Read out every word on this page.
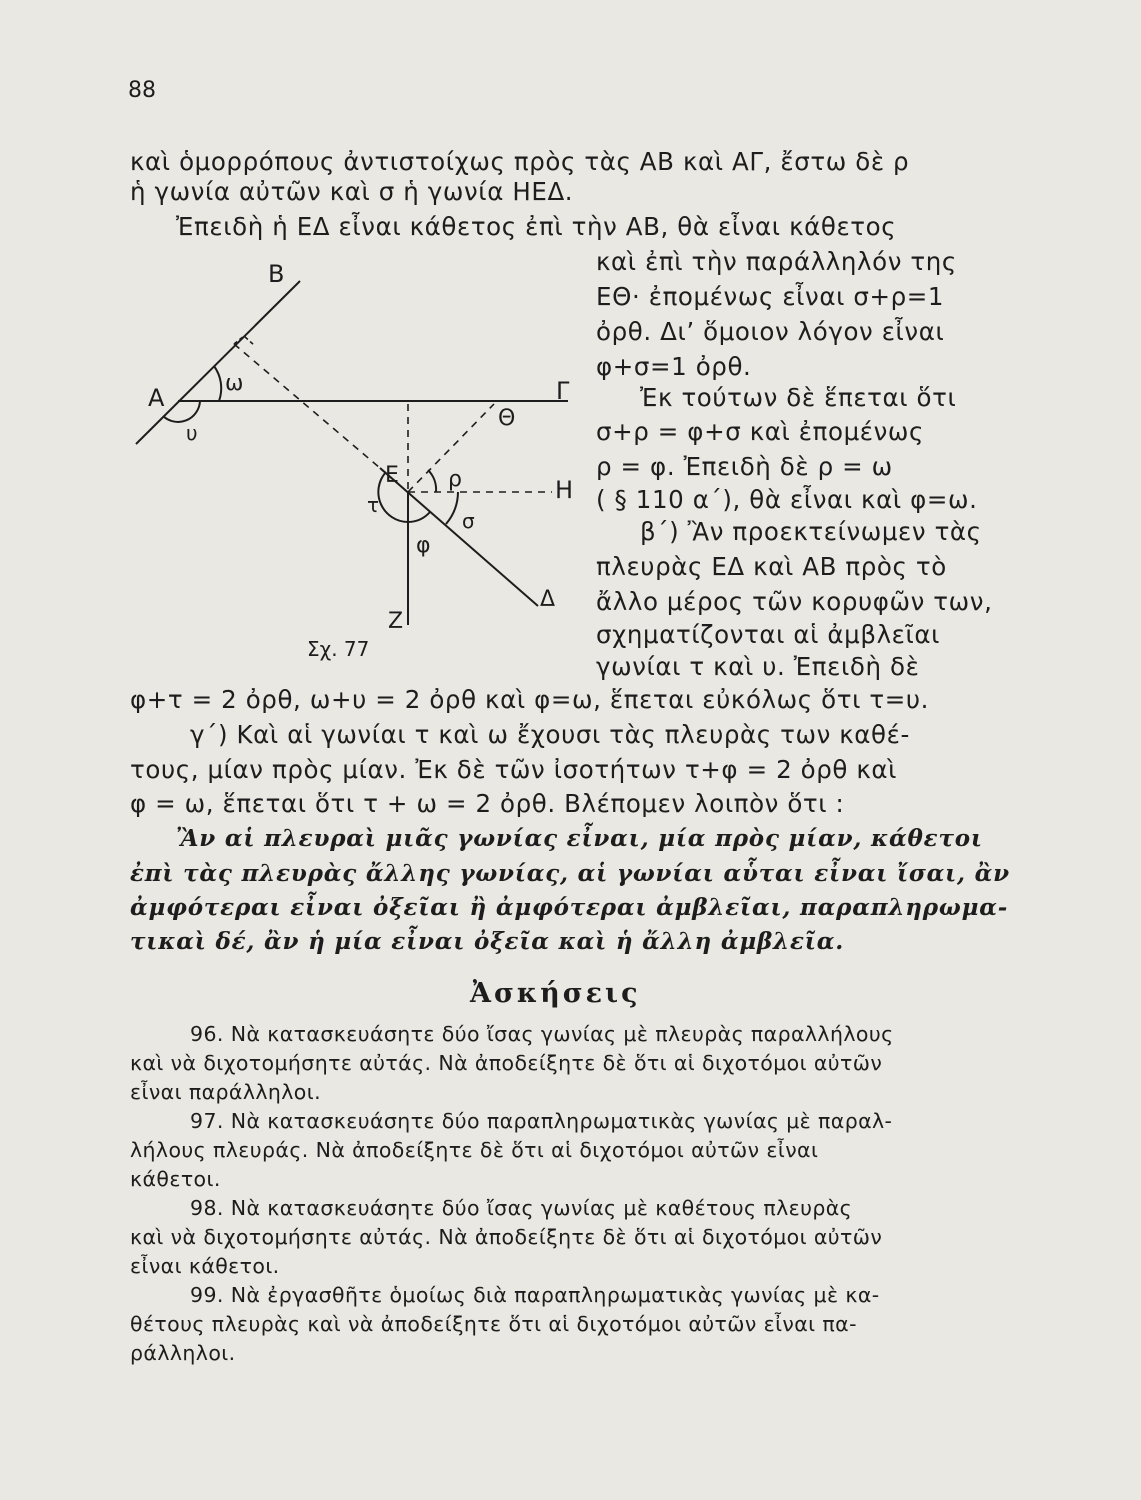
88
καὶ ὁμορρόπους ἀντιστοίχως πρὸς τὰς ΑΒ καὶ ΑΓ, ἔστω δὲ ρ
ἡ γωνία αὐτῶν καὶ σ ἡ γωνία ΗΕΔ.
Ἐπειδὴ ἡ ΕΔ εἶναι κάθετος ἐπὶ τὴν ΑΒ, θὰ εἶναι κάθετος
καὶ ἐπὶ τὴν παράλληλόν της
ΕΘ· ἐπομένως εἶναι σ+ρ=1
ὀρθ. Δι’ ὅμοιον λόγον εἶναι
φ+σ=1 ὀρθ.
Ἐκ τούτων δὲ ἕπεται ὅτι
σ+ρ = φ+σ καὶ ἐπομένως
ρ = φ. Ἐπειδὴ δὲ ρ = ω
( § 110 α΄), θὰ εἶναι καὶ φ=ω.
β΄) Ἂν προεκτείνωμεν τὰς
πλευρὰς ΕΔ καὶ ΑΒ πρὸς τὸ
ἄλλο μέρος τῶν κορυφῶν των,
σχηματίζονται αἱ ἀμβλεῖαι
γωνίαι τ καὶ υ. Ἐπειδὴ δὲ
φ+τ = 2 ὀρθ, ω+υ = 2 ὀρθ καὶ φ=ω, ἕπεται εὐκόλως ὅτι τ=υ.
γ΄) Καὶ αἱ γωνίαι τ καὶ ω ἔχουσι τὰς πλευρὰς των καθέ-
τους, μίαν πρὸς μίαν. Ἐκ δὲ τῶν ἰσοτήτων τ+φ = 2 ὀρθ καὶ
φ = ω, ἕπεται ὅτι τ + ω = 2 ὀρθ. Βλέπομεν λοιπὸν ὅτι :
Ἂν αἱ πλευραὶ μιᾶς γωνίας εἶναι, μία πρὸς μίαν, κάθετοι
ἐπὶ τὰς πλευρὰς ἄλλης γωνίας, αἱ γωνίαι αὗται εἶναι ἴσαι, ἂν
ἀμφότεραι εἶναι ὀξεῖαι ἢ ἀμφότεραι ἀμβλεῖαι, παραπληρωμα-
τικαὶ δέ, ἂν ἡ μία εἶναι ὀξεῖα καὶ ἡ ἄλλη ἀμβλεῖα.
Ἀσκήσεις
96. Νὰ κατασκευάσητε δύο ἴσας γωνίας μὲ πλευρὰς παραλλήλους
καὶ νὰ διχοτομήσητε αὐτάς. Νὰ ἀποδείξητε δὲ ὅτι αἱ διχοτόμοι αὐτῶν
εἶναι παράλληλοι.
97. Νὰ κατασκευάσητε δύο παραπληρωματικὰς γωνίας μὲ παραλ-
λήλους πλευράς. Νὰ ἀποδείξητε δὲ ὅτι αἱ διχοτόμοι αὐτῶν εἶναι
κάθετοι.
98. Νὰ κατασκευάσητε δύο ἴσας γωνίας μὲ καθέτους πλευρὰς
καὶ νὰ διχοτομήσητε αὐτάς. Νὰ ἀποδείξητε δὲ ὅτι αἱ διχοτόμοι αὐτῶν
εἶναι κάθετοι.
99. Νὰ ἐργασθῆτε ὁμοίως διὰ παραπληρωματικὰς γωνίας μὲ κα-
θέτους πλευρὰς καὶ νὰ ἀποδείξητε ὅτι αἱ διχοτόμοι αὐτῶν εἶναι πα-
ράλληλοι.
Β
Α	Γ
Θ
Ε
Η
Δ
Ζ
ω
υ
ρ
σ
τ
φ
Σχ. 77
